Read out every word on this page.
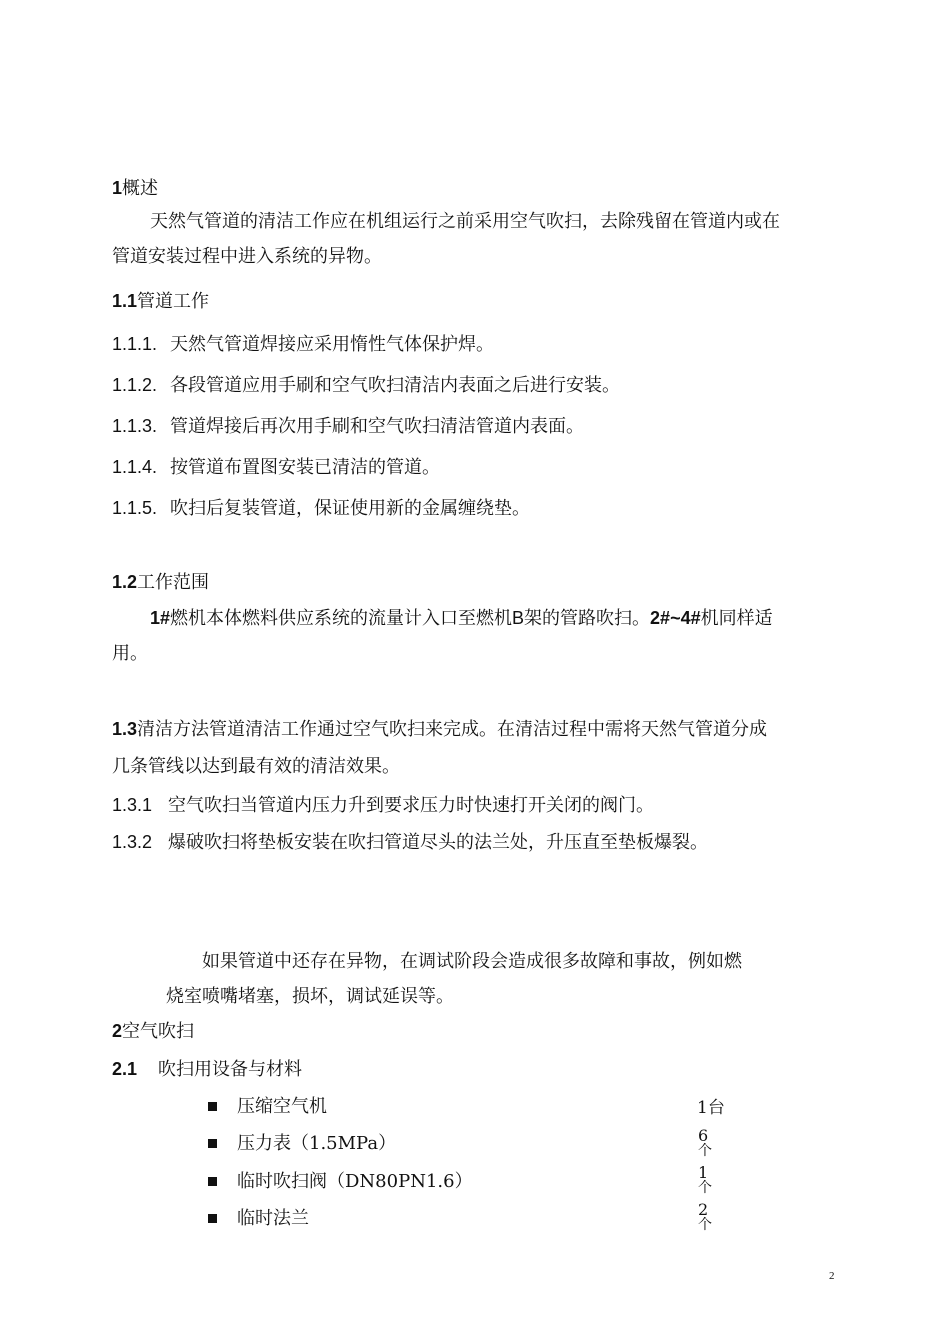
1概述
天然气管道的清洁工作应在机组运行之前采用空气吹扫，去除残留在管道内或在
管道安装过程中进入系统的异物。
1.1管道工作
1.1.1. 天然气管道焊接应采用惰性气体保护焊。
1.1.2. 各段管道应用手刷和空气吹扫清洁内表面之后进行安装。
1.1.3. 管道焊接后再次用手刷和空气吹扫清洁管道内表面。
1.1.4. 按管道布置图安装已清洁的管道。
1.1.5. 吹扫后复装管道，保证使用新的金属缠绕垫。
1.2工作范围
1#燃机本体燃料供应系统的流量计入口至燃机B架的管路吹扫。2#~4#机同样适
用。
1.3清洁方法管道清洁工作通过空气吹扫来完成。在清洁过程中需将天然气管道分成
几条管线以达到最有效的清洁效果。
1.3.1 空气吹扫当管道内压力升到要求压力时快速打开关闭的阀门。
1.3.2 爆破吹扫将垫板安装在吹扫管道尽头的法兰处，升压直至垫板爆裂。
如果管道中还存在异物，在调试阶段会造成很多故障和事故，例如燃
烧室喷嘴堵塞，损坏，调试延误等。
2空气吹扫
2.1 吹扫用设备与材料
压缩空气机	1台
压力表（1.5MPa）	6
个
临时吹扫阀（DN80PN1.6）	1
个
临时法兰	2
个
2
